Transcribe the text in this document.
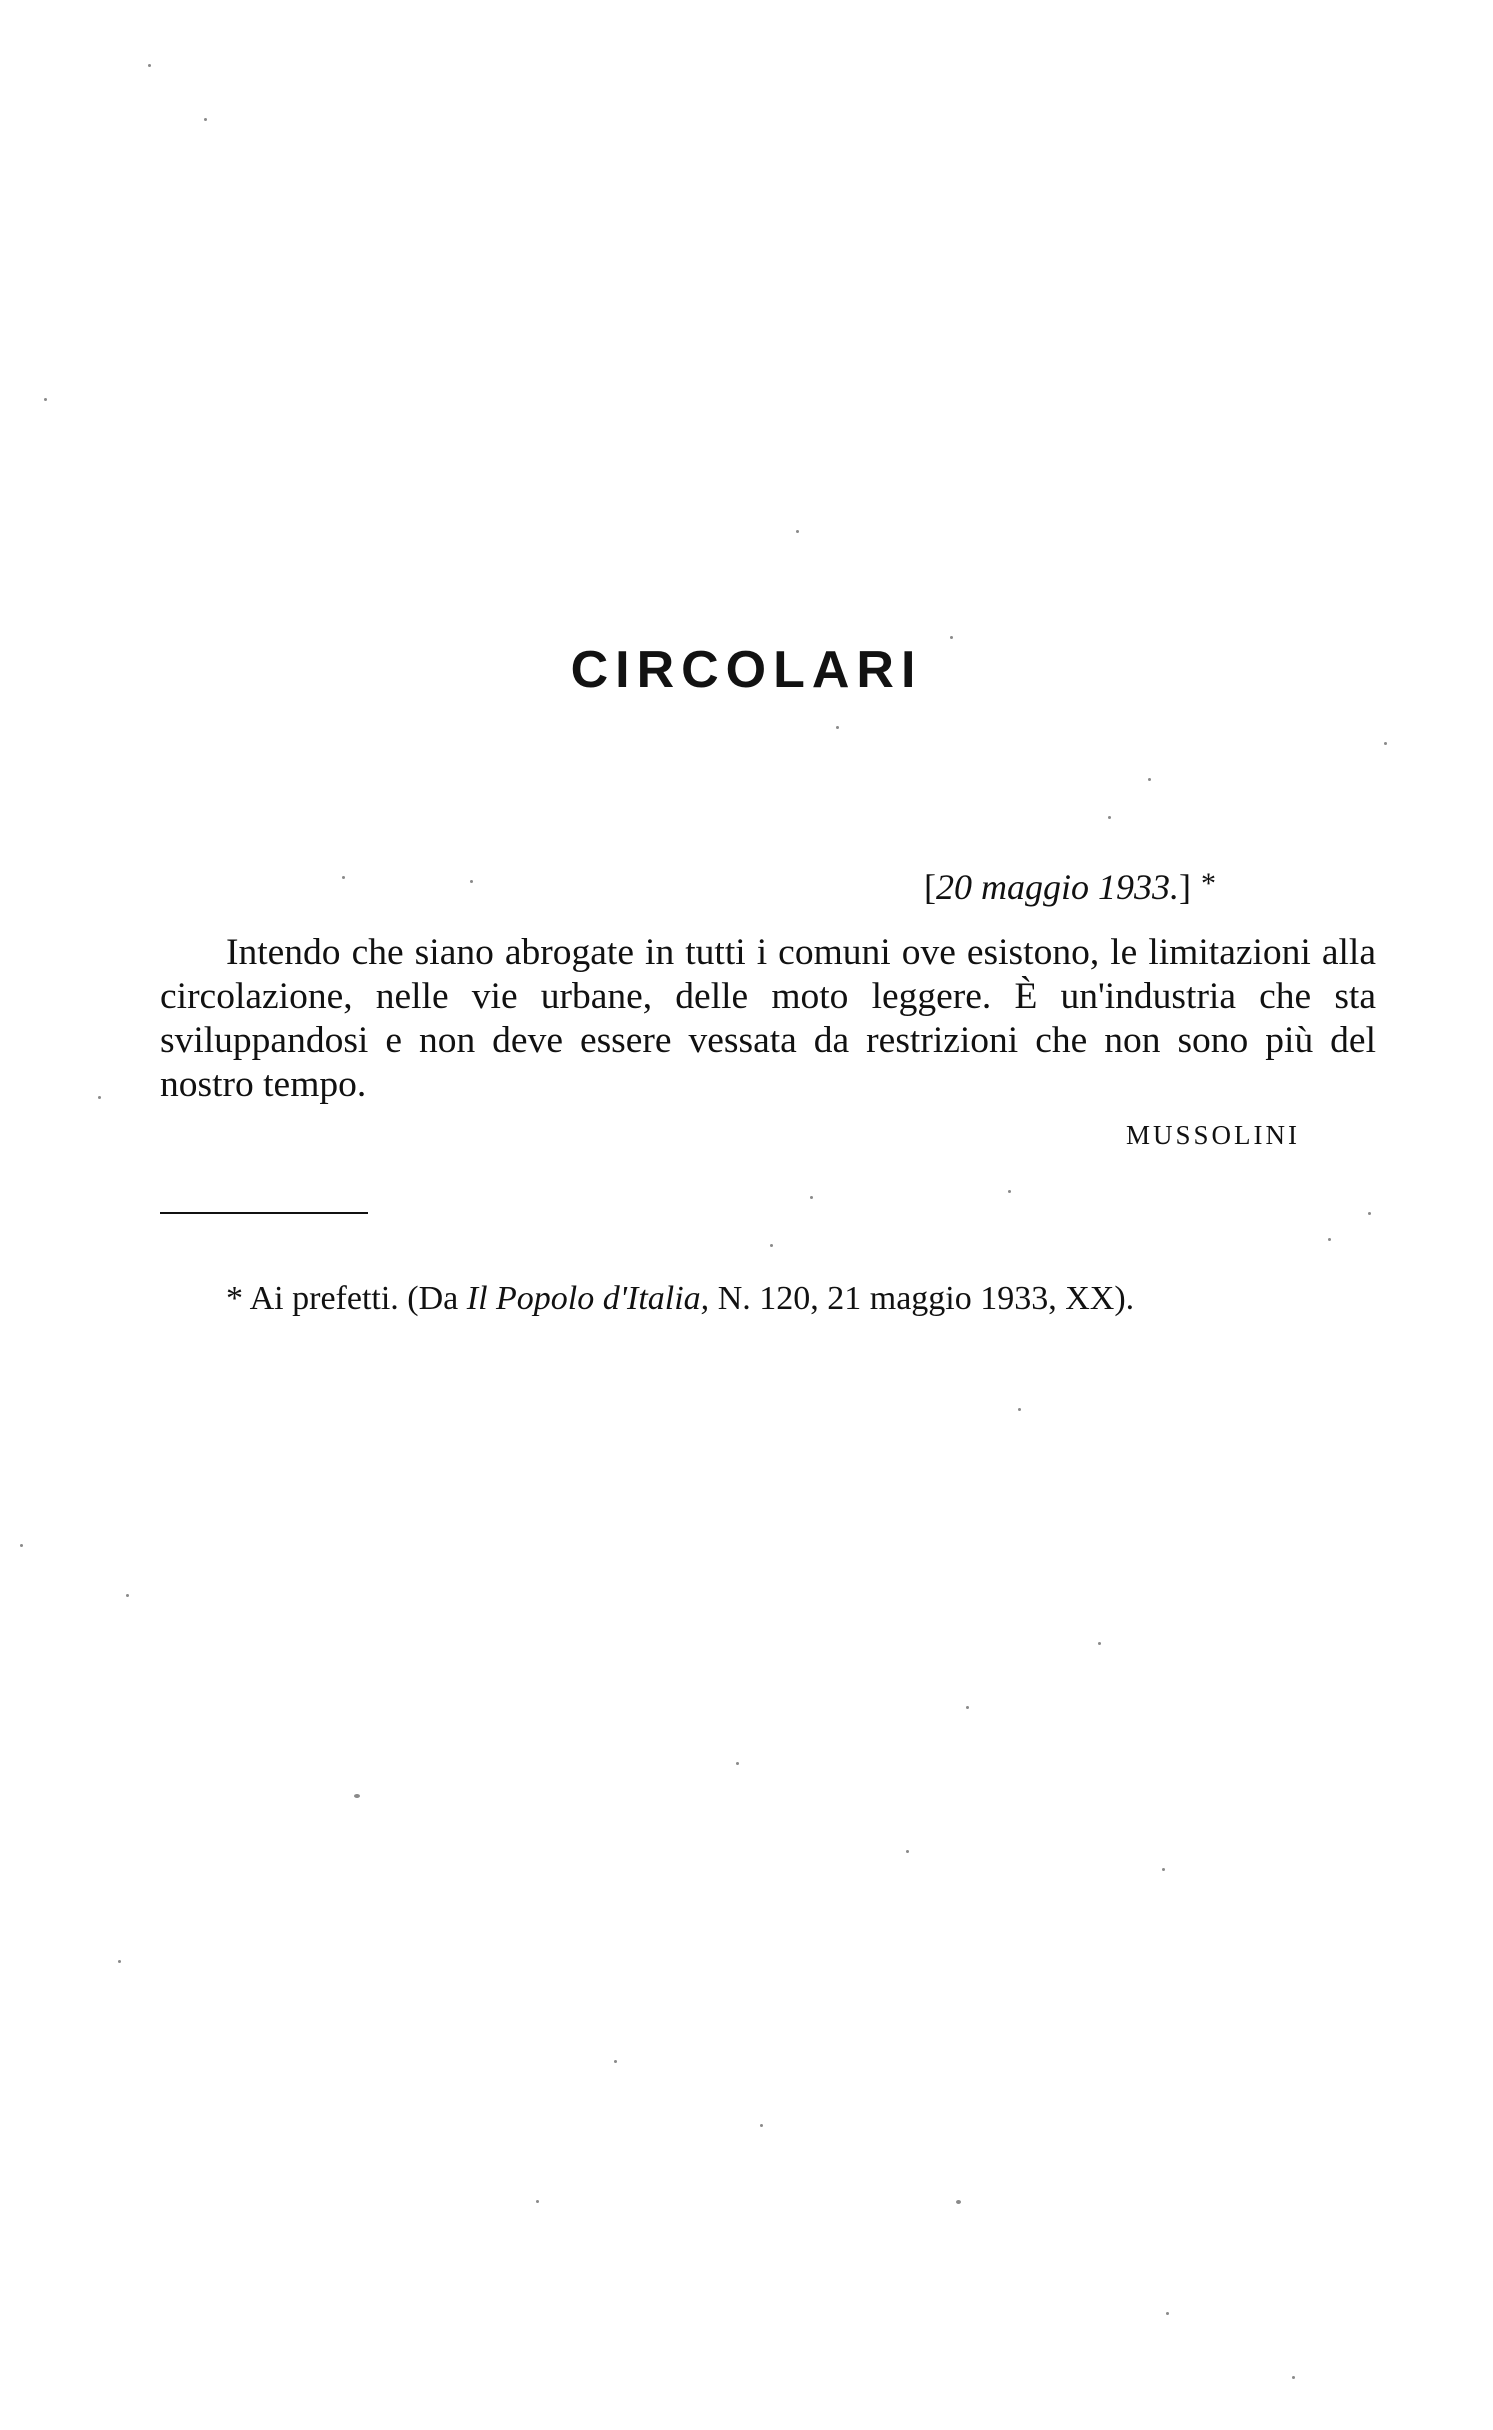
CIRCOLARI
[20 maggio 1933.] *

Intendo che siano abrogate in tutti i comuni ove esistono, le limitazioni alla circolazione, nelle vie urbane, delle moto leggere. È un'industria che sta sviluppandosi e non deve essere vessata da restrizioni che non sono più del nostro tempo.

MUSSOLINI
* Ai prefetti. (Da Il Popolo d'Italia, N. 120, 21 maggio 1933, XX).
